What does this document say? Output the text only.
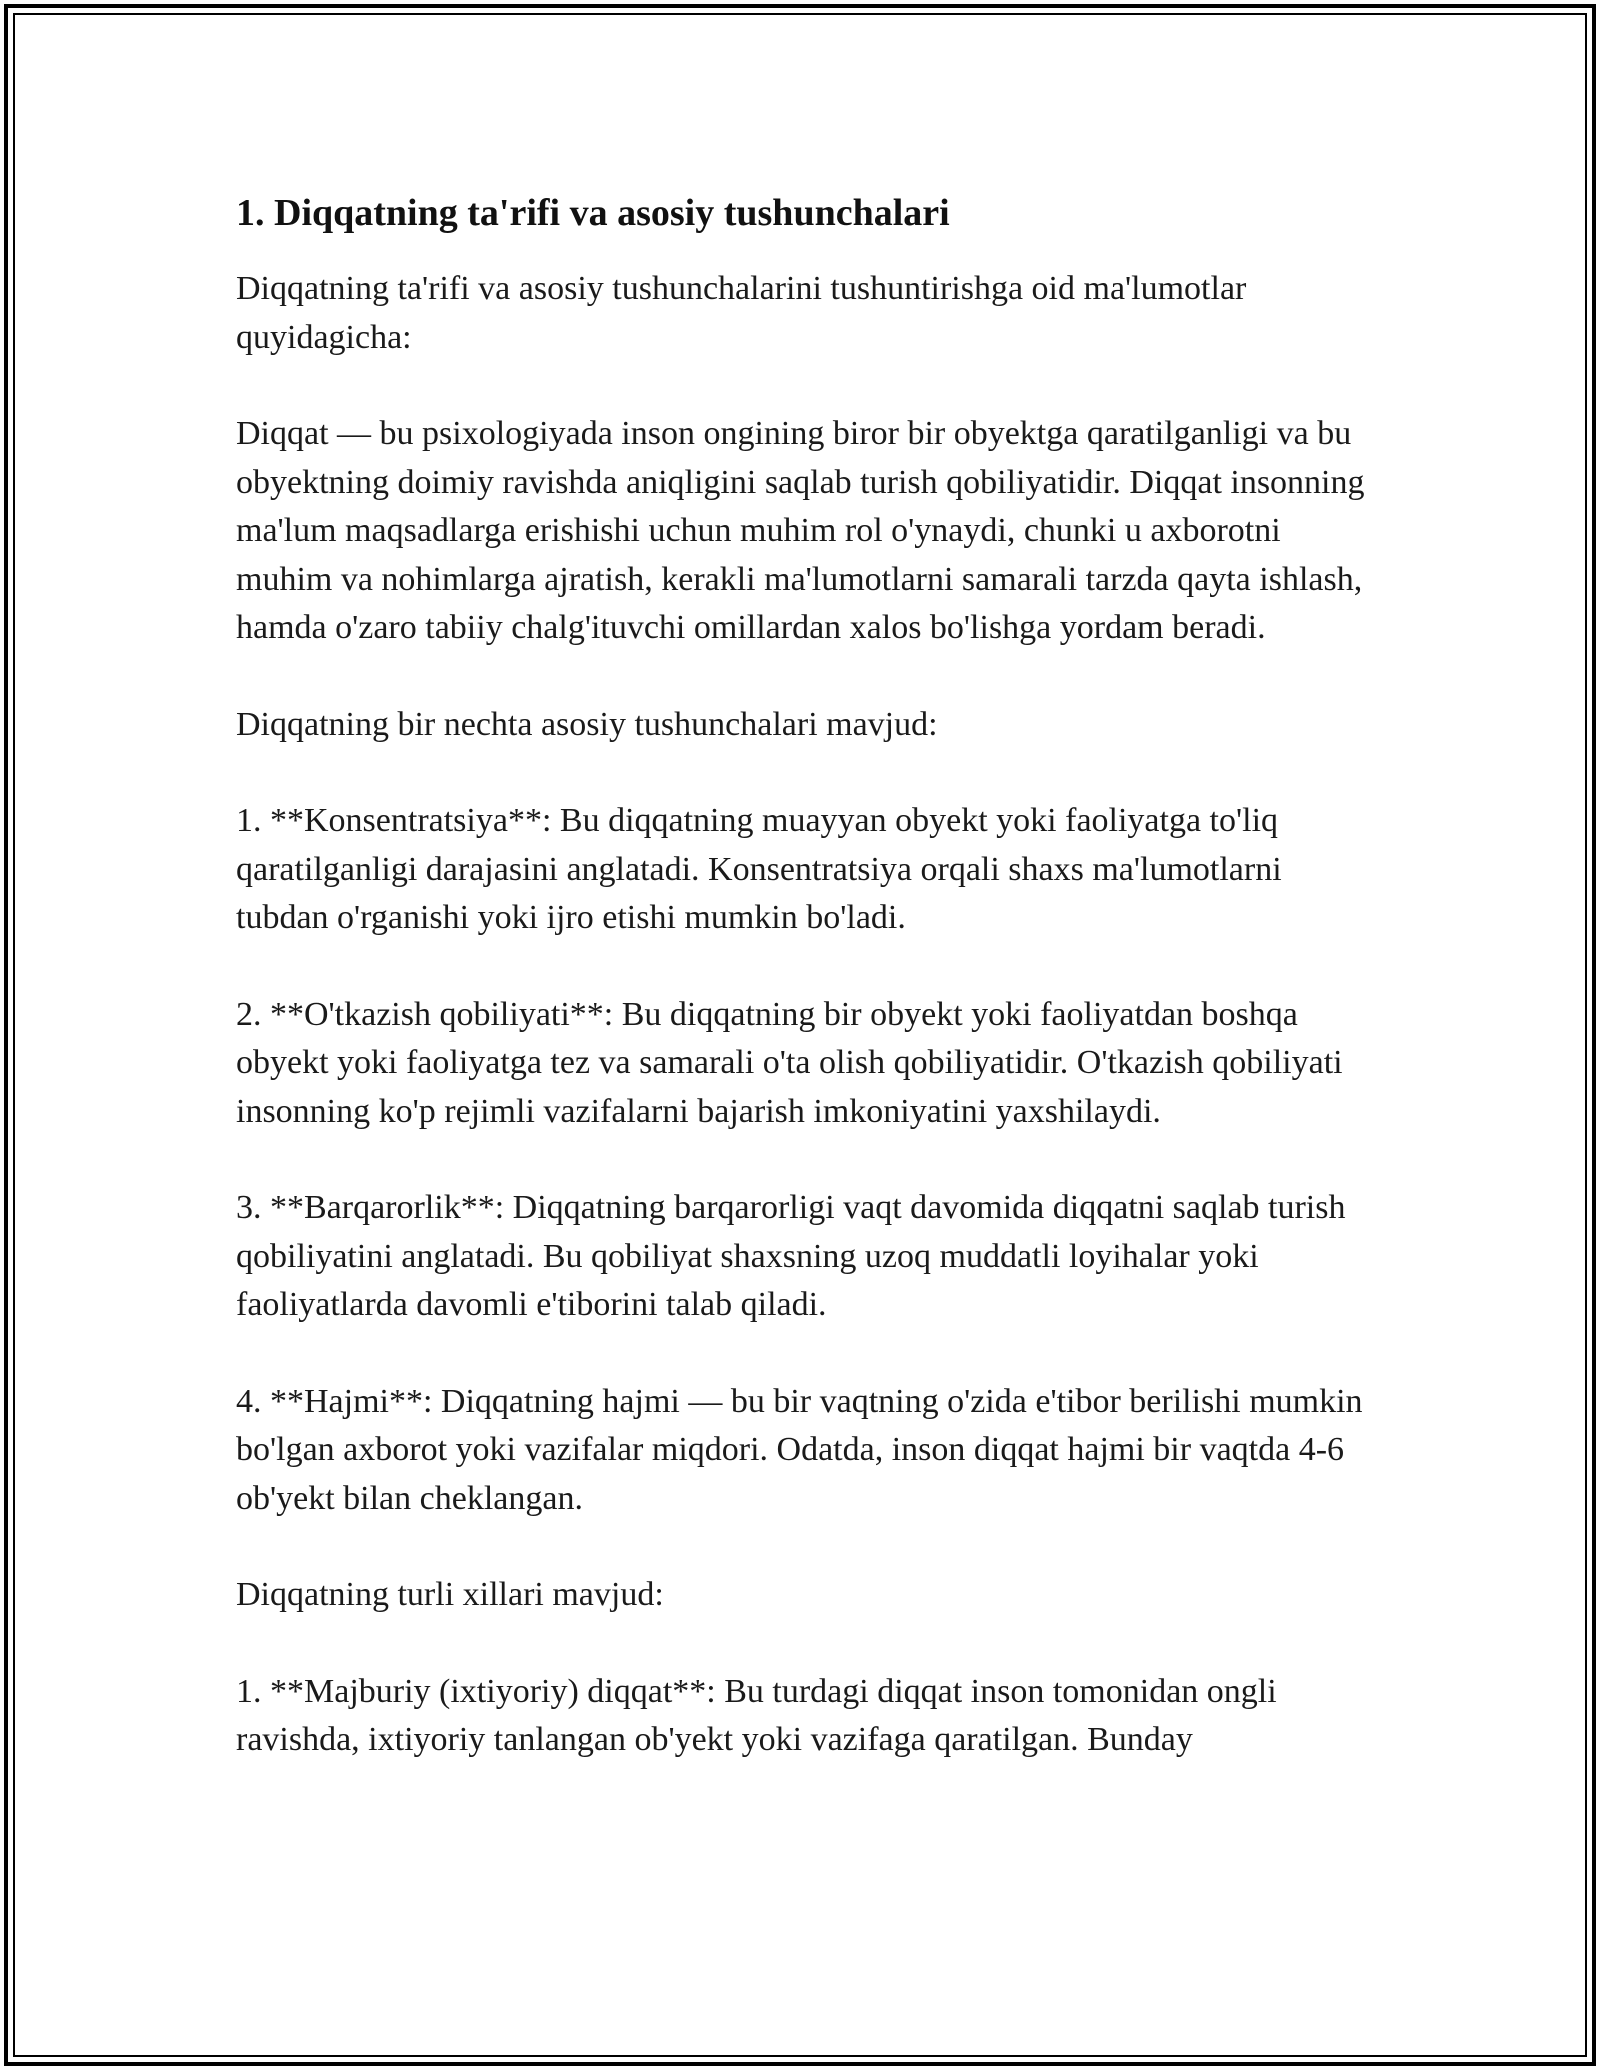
1. Diqqatning ta'rifi va asosiy tushunchalari

Diqqatning ta'rifi va asosiy tushunchalarini tushuntirishga oid ma'lumotlar quyidagicha:

Diqqat — bu psixologiyada inson ongining biror bir obyektga qaratilganligi va bu obyektning doimiy ravishda aniqligini saqlab turish qobiliyatidir. Diqqat insonning ma'lum maqsadlarga erishishi uchun muhim rol o'ynaydi, chunki u axborotni muhim va nohimlarga ajratish, kerakli ma'lumotlarni samarali tarzda qayta ishlash, hamda o'zaro tabiiy chalg'ituvchi omillardan xalos bo'lishga yordam beradi.

Diqqatning bir nechta asosiy tushunchalari mavjud:

1. **Konsentratsiya**: Bu diqqatning muayyan obyekt yoki faoliyatga to'liq qaratilganligi darajasini anglatadi. Konsentratsiya orqali shaxs ma'lumotlarni tubdan o'rganishi yoki ijro etishi mumkin bo'ladi.

2. **O'tkazish qobiliyati**: Bu diqqatning bir obyekt yoki faoliyatdan boshqa obyekt yoki faoliyatga tez va samarali o'ta olish qobiliyatidir. O'tkazish qobiliyati insonning ko'p rejimli vazifalarni bajarish imkoniyatini yaxshilaydi.

3. **Barqarorlik**: Diqqatning barqarorligi vaqt davomida diqqatni saqlab turish qobiliyatini anglatadi. Bu qobiliyat shaxsning uzoq muddatli loyihalar yoki faoliyatlarda davomli e'tiborini talab qiladi.

4. **Hajmi**: Diqqatning hajmi — bu bir vaqtning o'zida e'tibor berilishi mumkin bo'lgan axborot yoki vazifalar miqdori. Odatda, inson diqqat hajmi bir vaqtda 4-6 ob'yekt bilan cheklangan.

Diqqatning turli xillari mavjud:

1. **Majburiy (ixtiyoriy) diqqat**: Bu turdagi diqqat inson tomonidan ongli ravishda, ixtiyoriy tanlangan ob'yekt yoki vazifaga qaratilgan. Bunday
